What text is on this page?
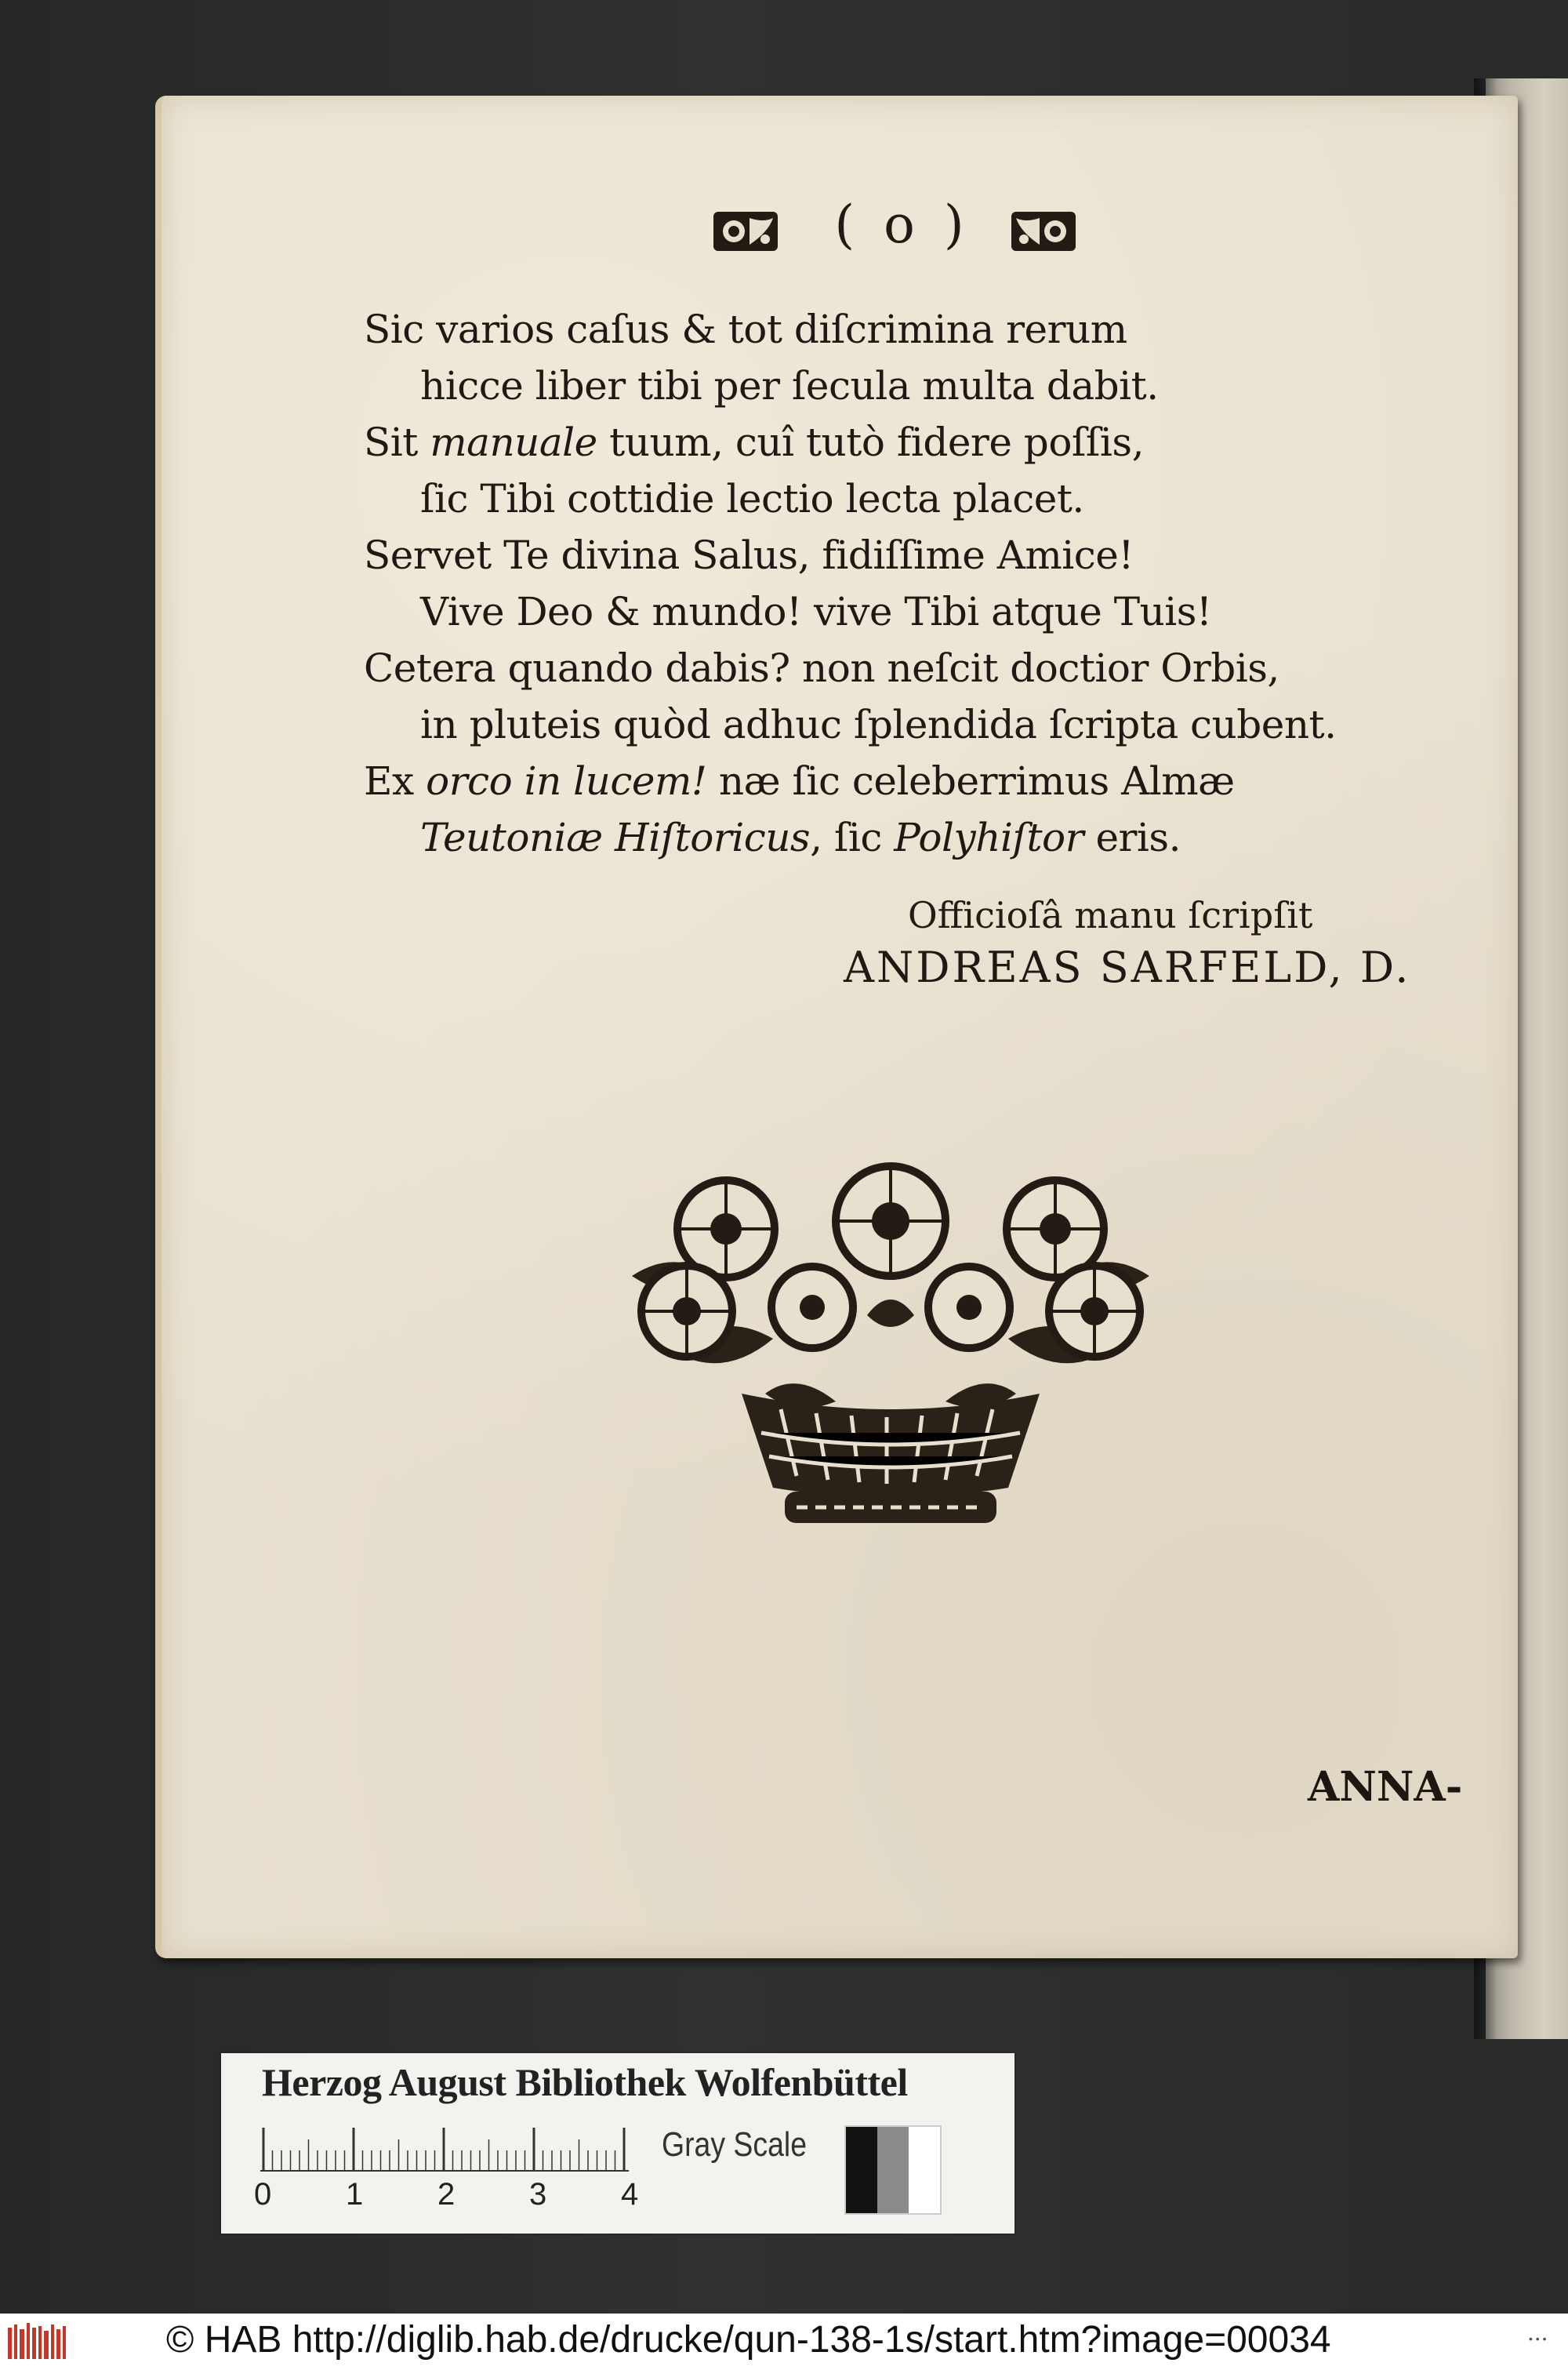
( o )
Sic varios caſus & tot diſcrimina rerum
hicce liber tibi per ſecula multa dabit.
Sit manuale tuum, cuî tutò fidere poſſis,
ſic Tibi cottidie lectio lecta placet.
Servet Te divina Salus, fidiſſime Amice!
Vive Deo & mundo! vive Tibi atque Tuis!
Cetera quando dabis? non neſcit doctior Orbis,
in pluteis quòd adhuc ſplendida ſcripta cubent.
Ex orco in lucem! næ ſic celeberrimus Almæ
Teutoniæ Hiſtoricus, ſic Polyhiſtor eris.
Officioſâ manu ſcripſit
ANDREAS SARFELD, D.
ANNA-
Herzog August Bibliothek Wolfenbüttel
0 1 2 3 4
Gray Scale
© HAB http://diglib.hab.de/drucke/qun-138-1s/start.htm?image=00034	• • •
